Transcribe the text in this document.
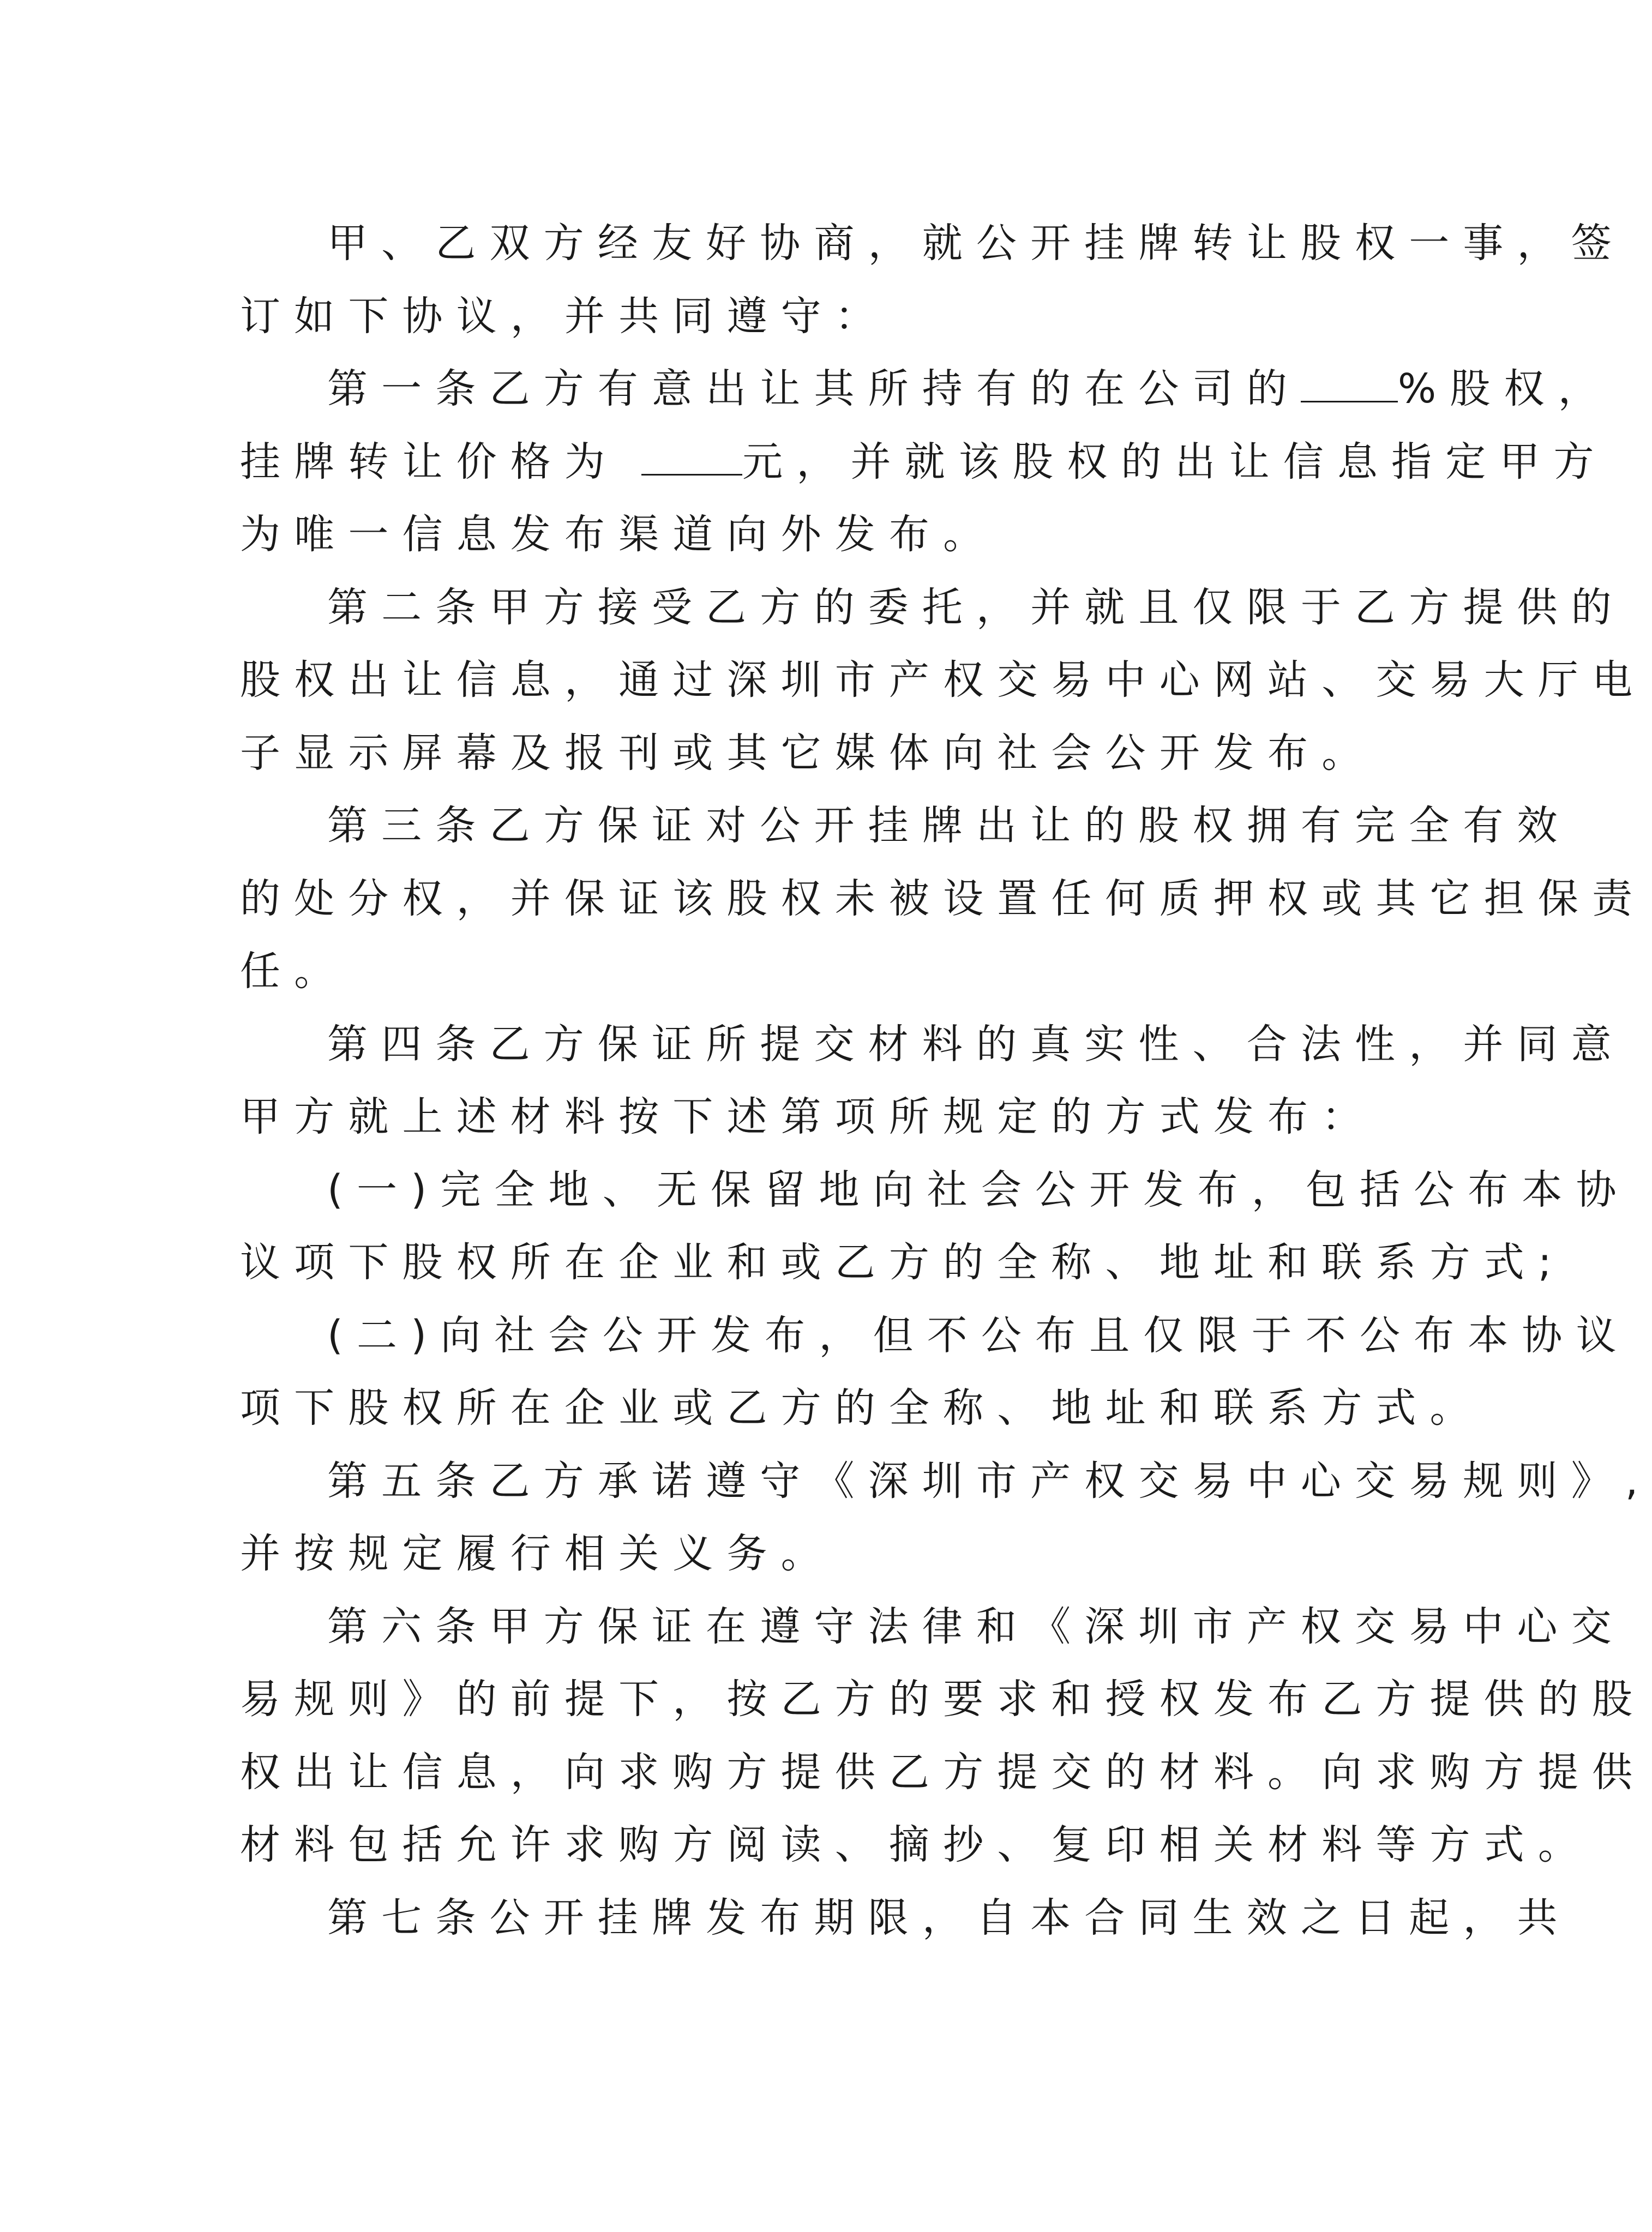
甲、乙双方经友好协商，就公开挂牌转让股权一事，签
订如下协议，并共同遵守：
第一条乙方有意出让其所持有的在公司的 %股权，
挂牌转让价格为	元，并就该股权的出让信息指定甲方
为唯一信息发布渠道向外发布。
第二条甲方接受乙方的委托，并就且仅限于乙方提供的
股权出让信息，通过深圳市产权交易中心网站、交易大厅电
子显示屏幕及报刊或其它媒体向社会公开发布。
第三条乙方保证对公开挂牌出让的股权拥有完全有效
的处分权，并保证该股权未被设置任何质押权或其它担保责
任。
第四条乙方保证所提交材料的真实性、合法性，并同意
甲方就上述材料按下述第项所规定的方式发布：
(一)完全地、无保留地向社会公开发布，包括公布本协
议项下股权所在企业和或乙方的全称、地址和联系方式;
(二)向社会公开发布，但不公布且仅限于不公布本协议
项下股权所在企业或乙方的全称、地址和联系方式。
第五条乙方承诺遵守《深圳市产权交易中心交易规则》,
并按规定履行相关义务。
第六条甲方保证在遵守法律和《深圳市产权交易中心交
易规则》的前提下，按乙方的要求和授权发布乙方提供的股
权出让信息，向求购方提供乙方提交的材料。向求购方提供
材料包括允许求购方阅读、摘抄、复印相关材料等方式。
第七条公开挂牌发布期限，自本合同生效之日起，共
